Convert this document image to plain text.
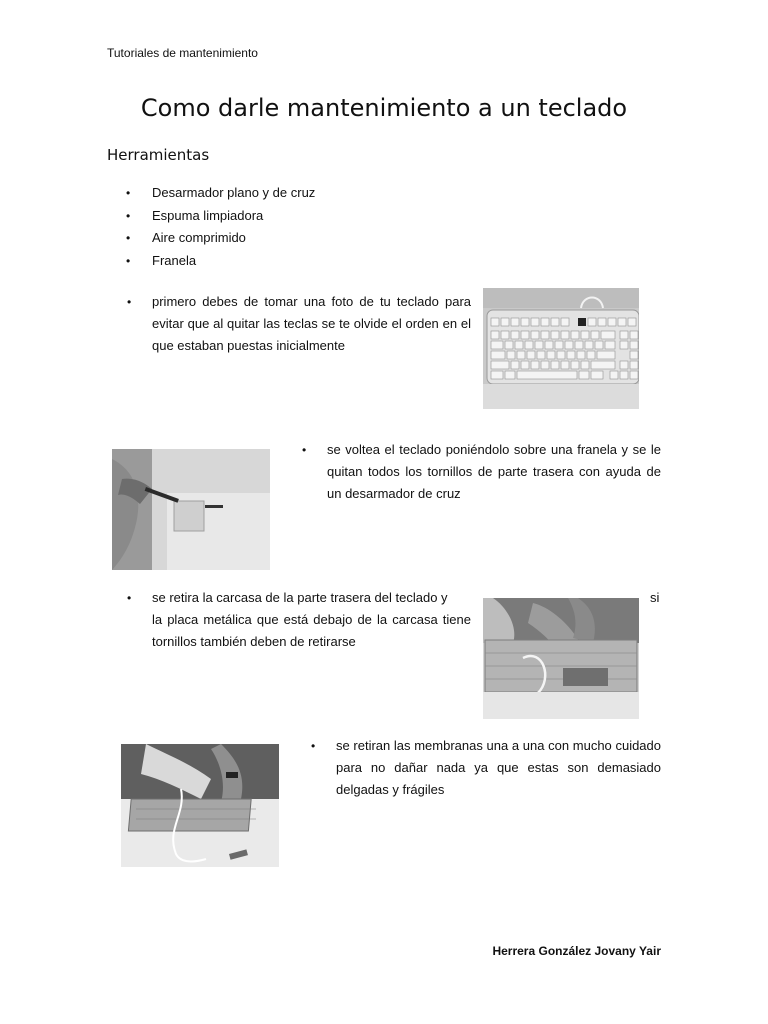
Tutoriales de mantenimiento
Como darle mantenimiento a un teclado
Herramientas
• Desarmador plano y de cruz
• Espuma limpiadora
• Aire comprimido
• Franela
• primero debes de tomar una foto de tu teclado para evitar que al quitar las teclas se te olvide el orden en el que estaban puestas inicialmente
• se voltea el teclado poniéndolo sobre una franela y se le quitan todos los tornillos de parte trasera con ayuda de un desarmador de cruz
• se retira la carcasa de la parte trasera del teclado y
la placa metálica que está debajo de la carcasa tiene tornillos también deben de retirarse
si
• se retiran las membranas una a una con mucho cuidado para no dañar nada ya que estas son demasiado delgadas y frágiles
Herrera González Jovany Yair
